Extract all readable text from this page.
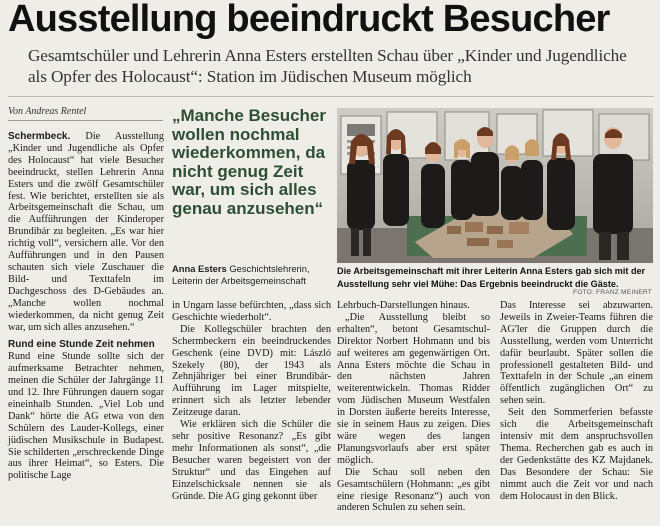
Ausstellung beeindruckt Besucher
Gesamtschüler und Lehrerin Anna Esters erstellten Schau über „Kinder und Jugendliche als Opfer des Holocaust“: Station im Jüdischen Museum möglich
Von Andreas Rentel

Schermbeck. Die Ausstellung „Kinder und Jugendliche als Opfer des Holocaust“ hat viele Besucher beeindruckt, stellen Lehrerin Anna Esters und die zwölf Gesamtschüler fest. Wie berichtet, erstellten sie als Arbeitsgemeinschaft die Schau, um die Aufführungen der Kinderoper Brundibár zu begleiten. „Es war hier richtig voll“, versichern alle. Vor den Aufführungen und in den Pausen schauten sich viele Zuschauer die Bild- und Texttafeln im Dachgeschoss des D-Gebäudes an. „Manche wollen nochmal wiederkommen, da nicht genug Zeit war, um sich alles anzusehen.“

Rund eine Stunde Zeit nehmen

Rund eine Stunde sollte sich der aufmerksame Betrachter nehmen, meinen die Schüler der Jahrgänge 11 und 12. Ihre Führungen dauern sogar eineinhalb Stunden. „Viel Lob und Dank“ hörte die AG etwa von den Schülern des Lauder-Kollegs, einer jüdischen Musikschule in Budapest. Sie schilderten „erschreckende Dinge aus ihrer Heimat“, so Esters. Die politische Lage

„Manche Besucher wollen nochmal wiederkommen, da nicht genug Zeit war, um sich alles genau anzusehen“
Anna Esters Geschichtslehrerin, Leiterin der Arbeitsgemeinschaft
Die Arbeitsgemeinschaft mit ihrer Leiterin Anna Esters gab sich mit der Ausstellung sehr viel Mühe: Das Ergebnis beeindruckt die Gäste.
FOTO: FRANZ MEINERT

in Ungarn lasse befürchten, „dass sich Geschichte wiederholt“.

Die Kollegschüler brachten den Schermbeckern ein beeindruckendes Geschenk (eine DVD) mit: László Szekely (80), der 1943 als Zehnjähriger bei einer Brundibár-Aufführung im Lager mitspielte, erinnert sich als letzter lebender Zeitzeuge daran.

Wie erklären sich die Schüler die sehr positive Resonanz? „Es gibt mehr Informationen als sonst“, „die Besucher waren begeistert von der Struktur“ und das Eingehen auf Einzelschicksale nennen sie als Gründe. Die AG ging gekonnt über

Lehrbuch-Darstellungen hinaus.

„Die Ausstellung bleibt so erhalten“, betont Gesamtschul-Direktor Norbert Hohmann und bis auf weiteres am gegenwärtigen Ort. Anna Esters möchte die Schau in den nächsten Jahren weiterentwickeln. Thomas Ridder vom Jüdischen Museum Westfalen in Dorsten äußerte bereits Interesse, sie in seinem Haus zu zeigen. Dies wäre wegen des langen Planungsvorlaufs aber erst später möglich.

Die Schau soll neben den Gesamtschülern (Hohmann: „es gibt eine riesige Resonanz“) auch von anderen Schulen zu sehen sein.

Das Interesse sei abzuwarten. Jeweils in Zweier-Teams führen die AG'ler die Gruppen durch die Ausstellung, werden vom Unterricht dafür beurlaubt. Später sollen die professionell gestalteten Bild- und Texttafeln in der Schule „an einem öffentlich zugänglichen Ort“ zu sehen sein.

Seit den Sommerferien befasste sich die Arbeitsgemeinschaft intensiv mit dem anspruchsvollen Thema. Recherchen gab es auch in der Gedenkstätte des KZ Majdanek. Das Besondere der Schau: Sie nimmt auch die Zeit vor und nach dem Holocaust in den Blick.
